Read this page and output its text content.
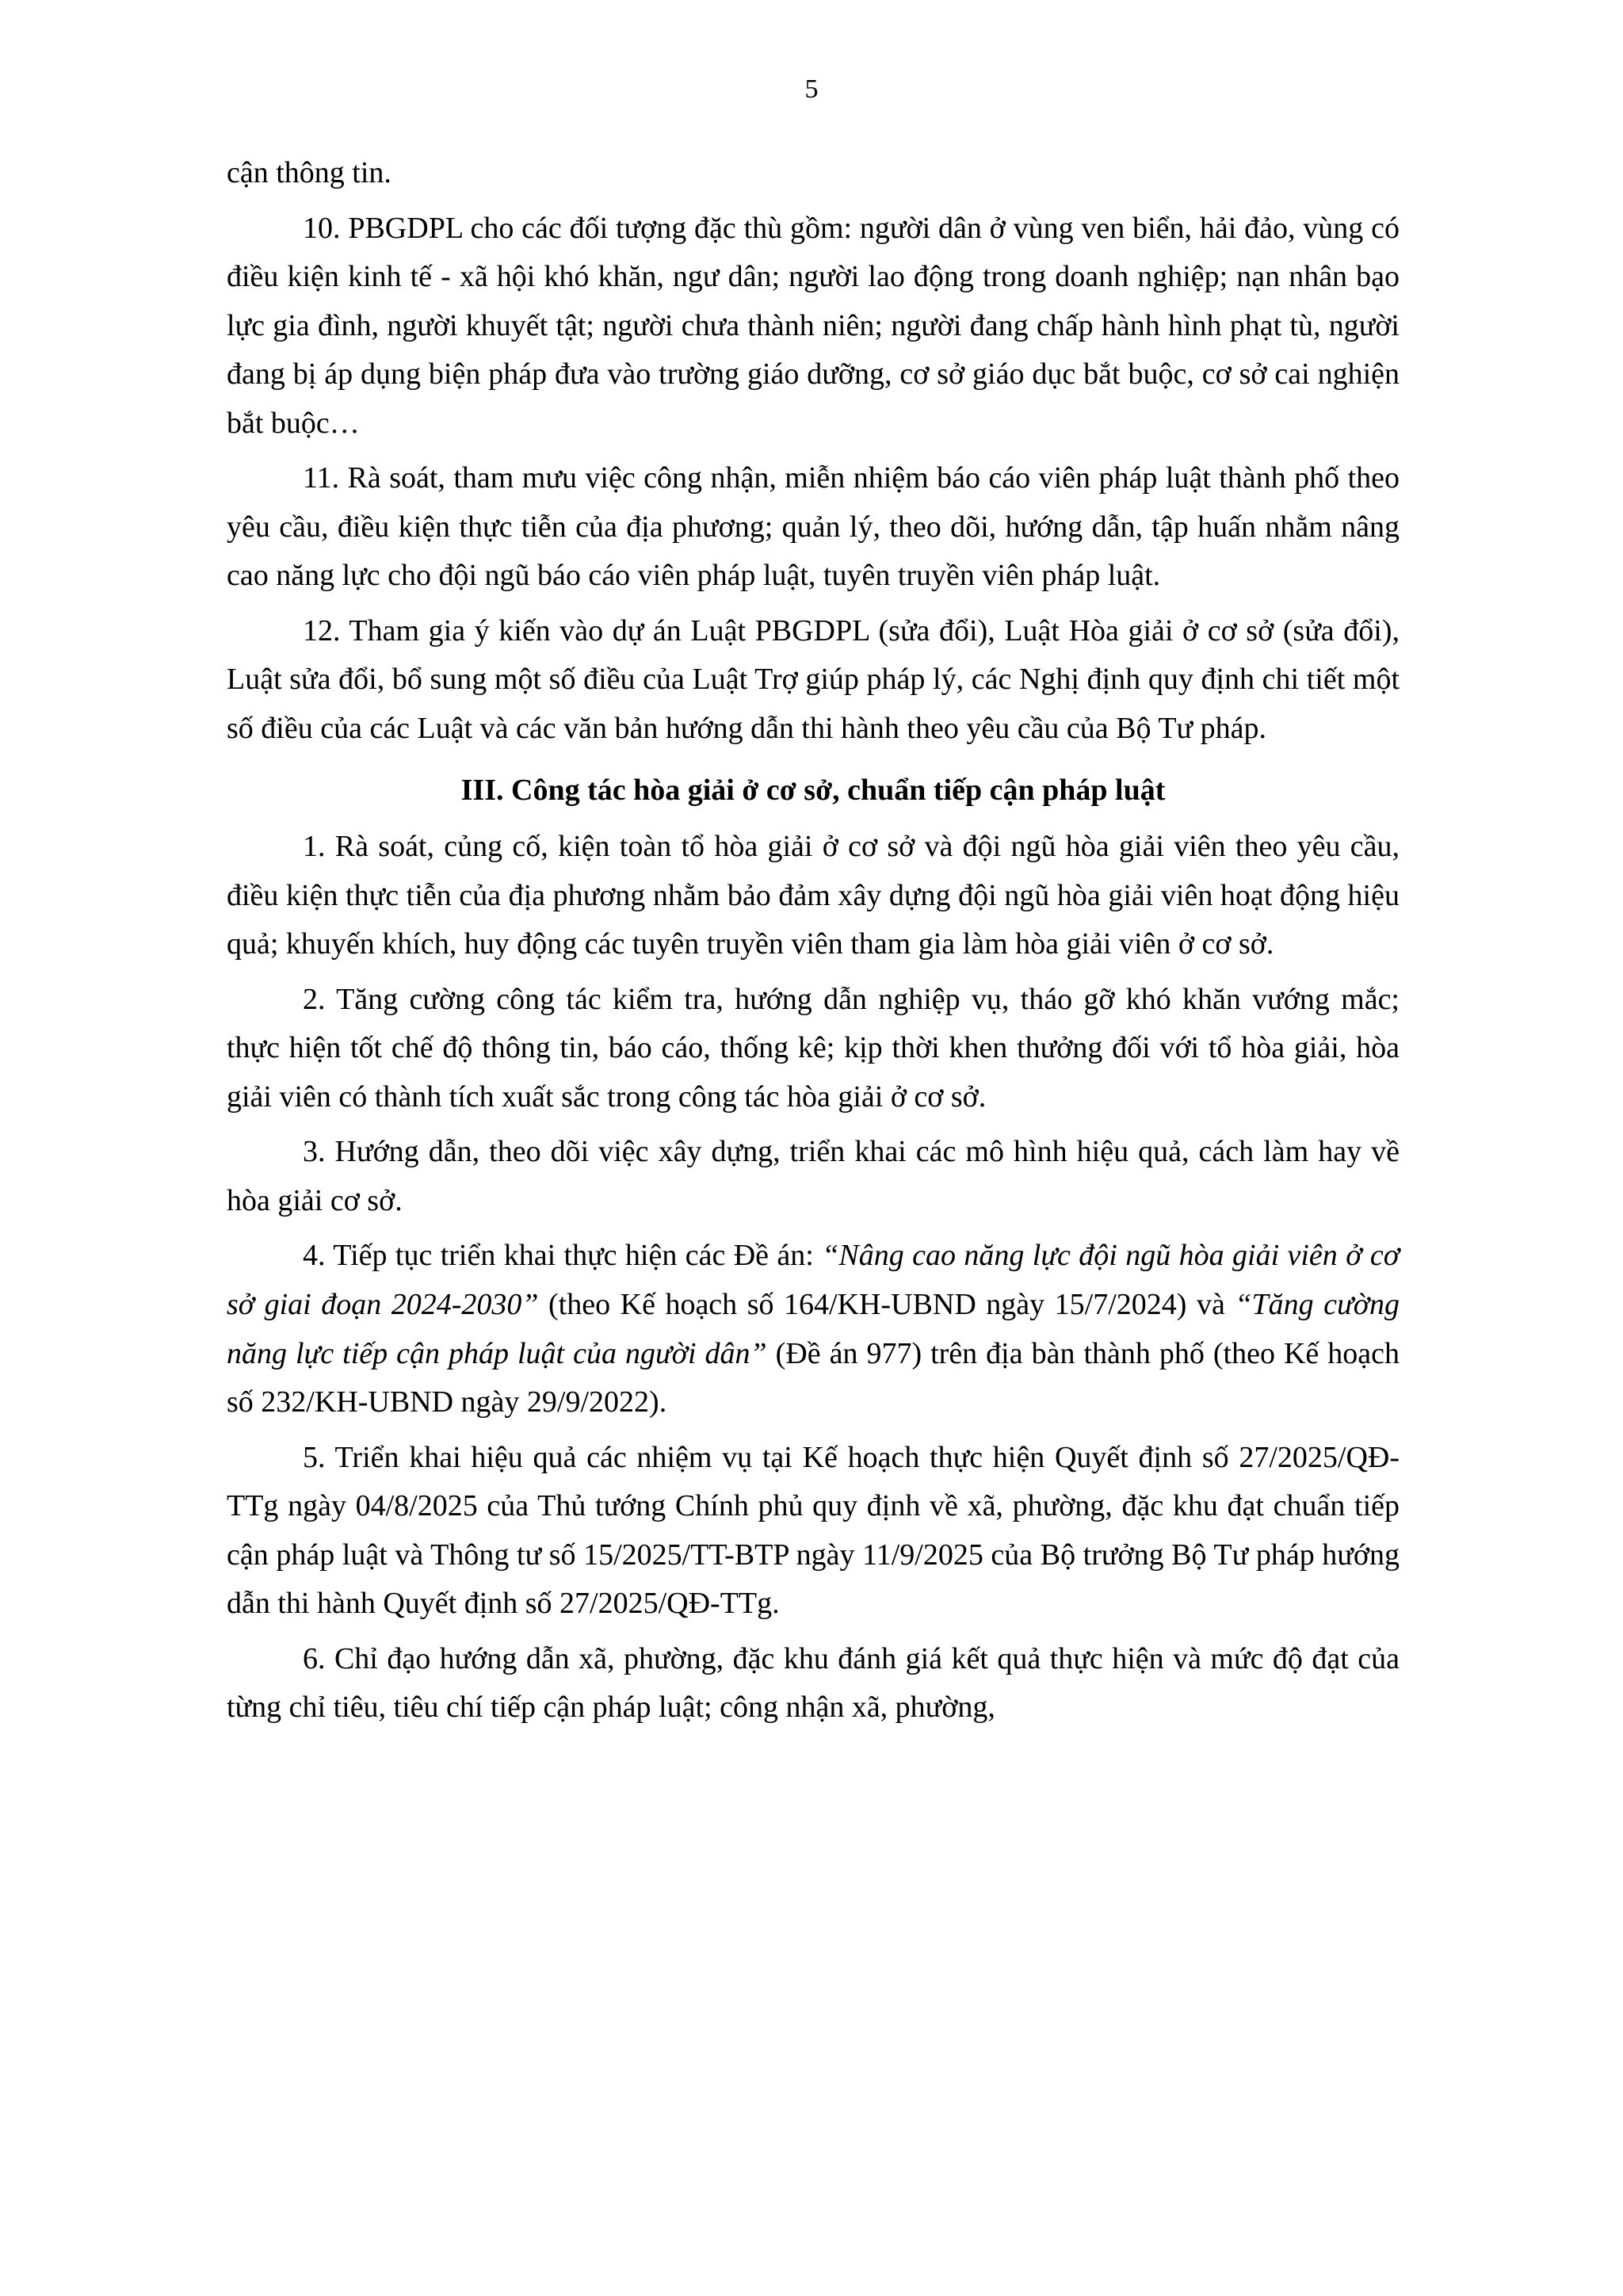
5

cận thông tin.

10. PBGDPL cho các đối tượng đặc thù gồm: người dân ở vùng ven biển, hải đảo, vùng có điều kiện kinh tế - xã hội khó khăn, ngư dân; người lao động trong doanh nghiệp; nạn nhân bạo lực gia đình, người khuyết tật; người chưa thành niên; người đang chấp hành hình phạt tù, người đang bị áp dụng biện pháp đưa vào trường giáo dưỡng, cơ sở giáo dục bắt buộc, cơ sở cai nghiện bắt buộc…

11. Rà soát, tham mưu việc công nhận, miễn nhiệm báo cáo viên pháp luật thành phố theo yêu cầu, điều kiện thực tiễn của địa phương; quản lý, theo dõi, hướng dẫn, tập huấn nhằm nâng cao năng lực cho đội ngũ báo cáo viên pháp luật, tuyên truyền viên pháp luật.

12. Tham gia ý kiến vào dự án Luật PBGDPL (sửa đổi), Luật Hòa giải ở cơ sở (sửa đổi), Luật sửa đổi, bổ sung một số điều của Luật Trợ giúp pháp lý, các Nghị định quy định chi tiết một số điều của các Luật và các văn bản hướng dẫn thi hành theo yêu cầu của Bộ Tư pháp.

III. Công tác hòa giải ở cơ sở, chuẩn tiếp cận pháp luật

1. Rà soát, củng cố, kiện toàn tổ hòa giải ở cơ sở và đội ngũ hòa giải viên theo yêu cầu, điều kiện thực tiễn của địa phương nhằm bảo đảm xây dựng đội ngũ hòa giải viên hoạt động hiệu quả; khuyến khích, huy động các tuyên truyền viên tham gia làm hòa giải viên ở cơ sở.

2. Tăng cường công tác kiểm tra, hướng dẫn nghiệp vụ, tháo gỡ khó khăn vướng mắc; thực hiện tốt chế độ thông tin, báo cáo, thống kê; kịp thời khen thưởng đối với tổ hòa giải, hòa giải viên có thành tích xuất sắc trong công tác hòa giải ở cơ sở.

3. Hướng dẫn, theo dõi việc xây dựng, triển khai các mô hình hiệu quả, cách làm hay về hòa giải cơ sở.

4. Tiếp tục triển khai thực hiện các Đề án: “Nâng cao năng lực đội ngũ hòa giải viên ở cơ sở giai đoạn 2024-2030” (theo Kế hoạch số 164/KH-UBND ngày 15/7/2024) và “Tăng cường năng lực tiếp cận pháp luật của người dân” (Đề án 977) trên địa bàn thành phố (theo Kế hoạch số 232/KH-UBND ngày 29/9/2022).

5. Triển khai hiệu quả các nhiệm vụ tại Kế hoạch thực hiện Quyết định số 27/2025/QĐ-TTg ngày 04/8/2025 của Thủ tướng Chính phủ quy định về xã, phường, đặc khu đạt chuẩn tiếp cận pháp luật và Thông tư số 15/2025/TT-BTP ngày 11/9/2025 của Bộ trưởng Bộ Tư pháp hướng dẫn thi hành Quyết định số 27/2025/QĐ-TTg.

6. Chỉ đạo hướng dẫn xã, phường, đặc khu đánh giá kết quả thực hiện và mức độ đạt của từng chỉ tiêu, tiêu chí tiếp cận pháp luật; công nhận xã, phường,
